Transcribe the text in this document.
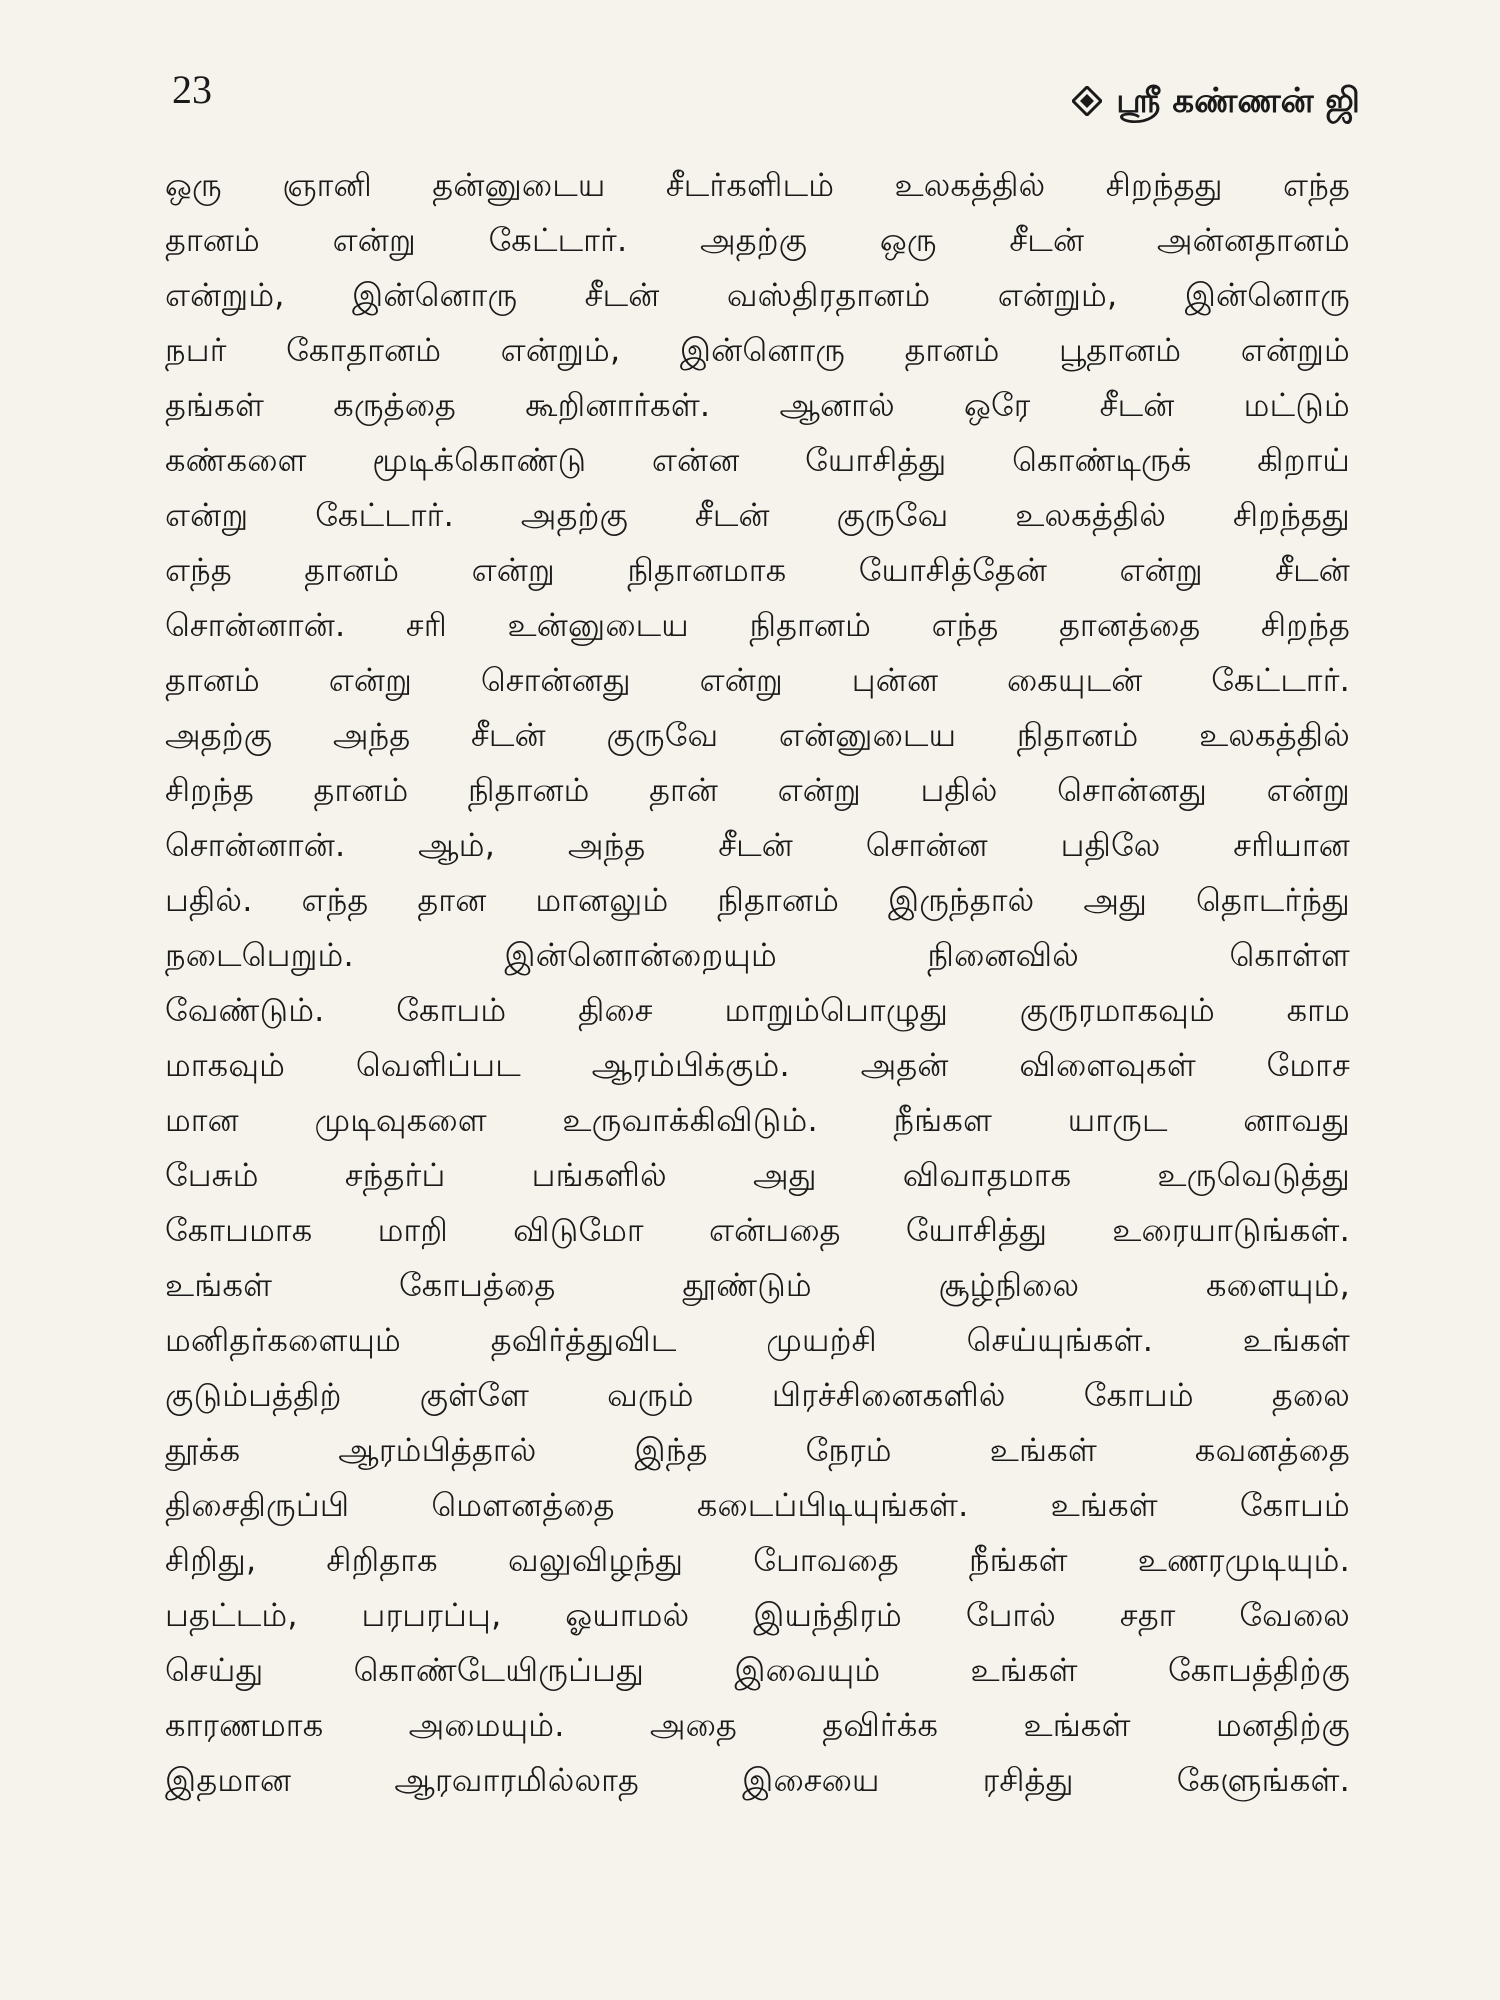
23	ஸ்ரீ கண்ணன் ஜி
ஒரு ஞானி தன்னுடைய சீடர்களிடம் உலகத்தில் சிறந்தது எந்த
தானம் என்று கேட்டார். அதற்கு ஒரு சீடன் அன்னதானம்
என்றும், இன்னொரு சீடன் வஸ்திரதானம் என்றும், இன்னொரு
நபர் கோதானம் என்றும், இன்னொரு தானம் பூதானம் என்றும்
தங்கள் கருத்தை கூறினார்கள். ஆனால் ஒரே சீடன் மட்டும்
கண்களை மூடிக்கொண்டு என்ன யோசித்து கொண்டிருக் கிறாய்
என்று கேட்டார். அதற்கு சீடன் குருவே உலகத்தில் சிறந்தது
எந்த தானம் என்று நிதானமாக யோசித்தேன் என்று சீடன்
சொன்னான். சரி உன்னுடைய நிதானம் எந்த தானத்தை சிறந்த
தானம் என்று சொன்னது என்று புன்ன கையுடன் கேட்டார்.
அதற்கு அந்த சீடன் குருவே என்னுடைய நிதானம் உலகத்தில்
சிறந்த தானம் நிதானம் தான் என்று பதில் சொன்னது என்று
சொன்னான். ஆம், அந்த சீடன் சொன்ன பதிலே சரியான
பதில். எந்த தான மானலும் நிதானம் இருந்தால் அது தொடர்ந்து
நடைபெறும். இன்னொன்றையும் நினைவில் கொள்ள
வேண்டும். கோபம் திசை மாறும்பொழுது குருரமாகவும் காம
மாகவும் வெளிப்பட ஆரம்பிக்கும். அதன் விளைவுகள் மோச
மான முடிவுகளை உருவாக்கிவிடும். நீங்கள யாருட னாவது
பேசும் சந்தர்ப் பங்களில் அது விவாதமாக உருவெடுத்து
கோபமாக மாறி விடுமோ என்பதை யோசித்து உரையாடுங்கள்.
உங்கள் கோபத்தை தூண்டும் சூழ்நிலை களையும்,
மனிதர்களையும் தவிர்த்துவிட முயற்சி செய்யுங்கள். உங்கள்
குடும்பத்திற் குள்ளே வரும் பிரச்சினைகளில் கோபம் தலை
தூக்க ஆரம்பித்தால் இந்த நேரம் உங்கள் கவனத்தை
திசைதிருப்பி மௌனத்தை கடைப்பிடியுங்கள். உங்கள் கோபம்
சிறிது, சிறிதாக வலுவிழந்து போவதை நீங்கள் உணரமுடியும்.
பதட்டம், பரபரப்பு, ஓயாமல் இயந்திரம் போல் சதா வேலை
செய்து கொண்டேயிருப்பது இவையும் உங்கள் கோபத்திற்கு
காரணமாக அமையும். அதை தவிர்க்க உங்கள் மனதிற்கு
இதமான ஆரவாரமில்லாத இசையை ரசித்து கேளுங்கள்.
